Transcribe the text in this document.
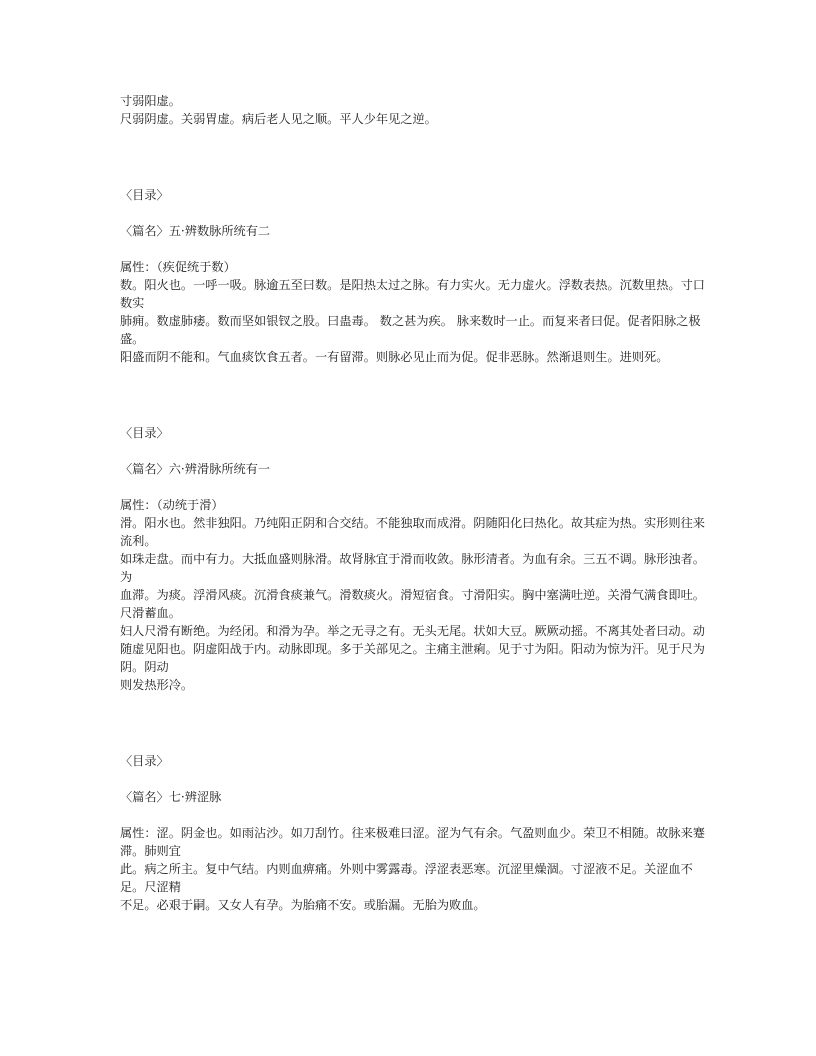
寸弱阳虚。

尺弱阴虚。关弱胃虚。病后老人见之顺。平人少年见之逆。

〈目录〉

〈篇名〉五·辨数脉所统有二

属性：（疾促统于数）

数。阳火也。一呼一吸。脉逾五至曰数。是阳热太过之脉。有力实火。无力虚火。浮数表热。沉数里热。寸口数实

肺痈。数虚肺痿。数而坚如银钗之股。曰蛊毒。 数之甚为疾。 脉来数时一止。而复来者曰促。促者阳脉之极盛。

阳盛而阴不能和。气血痰饮食五者。一有留滞。则脉必见止而为促。促非恶脉。然渐退则生。进则死。

〈目录〉

〈篇名〉六·辨滑脉所统有一

属性：（动统于滑）

滑。阳水也。然非独阳。乃纯阳正阴和合交结。不能独取而成滑。阴随阳化曰热化。故其症为热。实形则往来流利。

如珠走盘。而中有力。大抵血盛则脉滑。故肾脉宜于滑而收敛。脉形清者。为血有余。三五不调。脉形浊者。为

血滞。为痰。浮滑风痰。沉滑食痰兼气。滑数痰火。滑短宿食。寸滑阳实。胸中塞满吐逆。关滑气满食即吐。尺滑蓄血。

妇人尺滑有断绝。为经闭。和滑为孕。举之无寻之有。无头无尾。状如大豆。厥厥动摇。不离其处者曰动。动

随虚见阳也。阴虚阳战于内。动脉即现。多于关部见之。主痛主泄痢。见于寸为阳。阳动为惊为汗。见于尺为阴。阴动

则发热形冷。

〈目录〉

〈篇名〉七·辨涩脉

属性：涩。阴金也。如雨沾沙。如刀刮竹。往来极难曰涩。涩为气有余。气盈则血少。荣卫不相随。故脉来蹇滞。肺则宜

此。病之所主。复中气结。内则血痹痛。外则中雾露毒。浮涩表恶寒。沉涩里燥涸。寸涩液不足。关涩血不足。尺涩精

不足。必艰于嗣。又女人有孕。为胎痛不安。或胎漏。无胎为败血。
